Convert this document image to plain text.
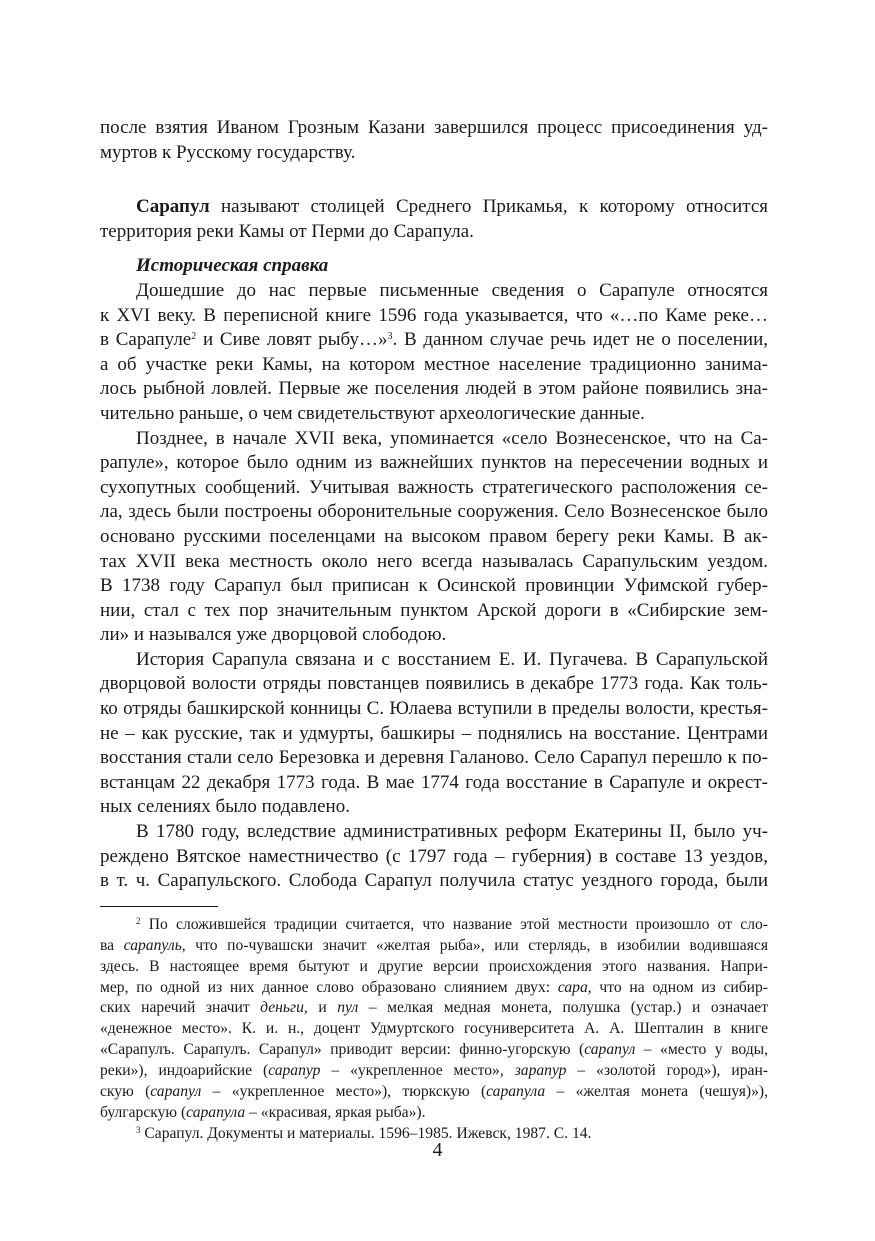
после взятия Иваном Грозным Казани завершился процесс присоединения уд-
муртов к Русскому государству.
Сарапул называют столицей Среднего Прикамья, к которому относится
территория реки Камы от Перми до Сарапула.
Историческая справка
Дошедшие до нас первые письменные сведения о Сарапуле относятся
к XVI веку. В переписной книге 1596 года указывается, что «…по Каме реке…
в Сарапуле$^2$ и Сиве ловят рыбу…»$^3$. В данном случае речь идет не о поселении,
а об участке реки Камы, на котором местное население традиционно занима-
лось рыбной ловлей. Первые же поселения людей в этом районе появились зна-
чительно раньше, о чем свидетельствуют археологические данные.
Позднее, в начале XVII века, упоминается «село Вознесенское, что на Са-
рапуле», которое было одним из важнейших пунктов на пересечении водных и
сухопутных сообщений. Учитывая важность стратегического расположения се-
ла, здесь были построены оборонительные сооружения. Село Вознесенское было
основано русскими поселенцами на высоком правом берегу реки Камы. В ак-
тах XVII века местность около него всегда называлась Сарапульским уездом.
В 1738 году Сарапул был приписан к Осинской провинции Уфимской губер-
нии, стал с тех пор значительным пунктом Арской дороги в «Сибирские зем-
ли» и назывался уже дворцовой слободою.
История Сарапула связана и с восстанием Е. И. Пугачева. В Сарапульской
дворцовой волости отряды повстанцев появились в декабре 1773 года. Как толь-
ко отряды башкирской конницы С. Юлаева вступили в пределы волости, крестья-
не – как русские, так и удмурты, башкиры – поднялись на восстание. Центрами
восстания стали село Березовка и деревня Галаново. Село Сарапул перешло к по-
встанцам 22 декабря 1773 года. В мае 1774 года восстание в Сарапуле и окрест-
ных селениях было подавлено.
В 1780 году, вследствие административных реформ Екатерины II, было уч-
реждено Вятское наместничество (с 1797 года – губерния) в составе 13 уездов,
в т. ч. Сарапульского. Слобода Сарапул получила статус уездного города, были
$^2$ По сложившейся традиции считается, что название этой местности произошло от сло-
ва сарапуль, что по-чувашски значит «желтая рыба», или стерлядь, в изобилии водившаяся
здесь. В настоящее время бытуют и другие версии происхождения этого названия. Напри-
мер, по одной из них данное слово образовано слиянием двух: сара, что на одном из сибир-
ских наречий значит деньги, и пул – мелкая медная монета, полушка (устар.) и означает
«денежное место». К. и. н., доцент Удмуртского госуниверситета А. А. Шепталин в книге
«Сарапулъ. Сарапулъ. Сарапул» приводит версии: финно-угорскую (сарапул – «место у воды,
реки»), индоарийские (сарапур – «укрепленное место», зарапур – «золотой город»), иран-
скую (сарапул – «укрепленное место»), тюркскую (сарапула – «желтая монета (чешуя)»),
булгарскую (сарапула – «красивая, яркая рыба»).
$^3$ Сарапул. Документы и материалы. 1596–1985. Ижевск, 1987. С. 14.
4
